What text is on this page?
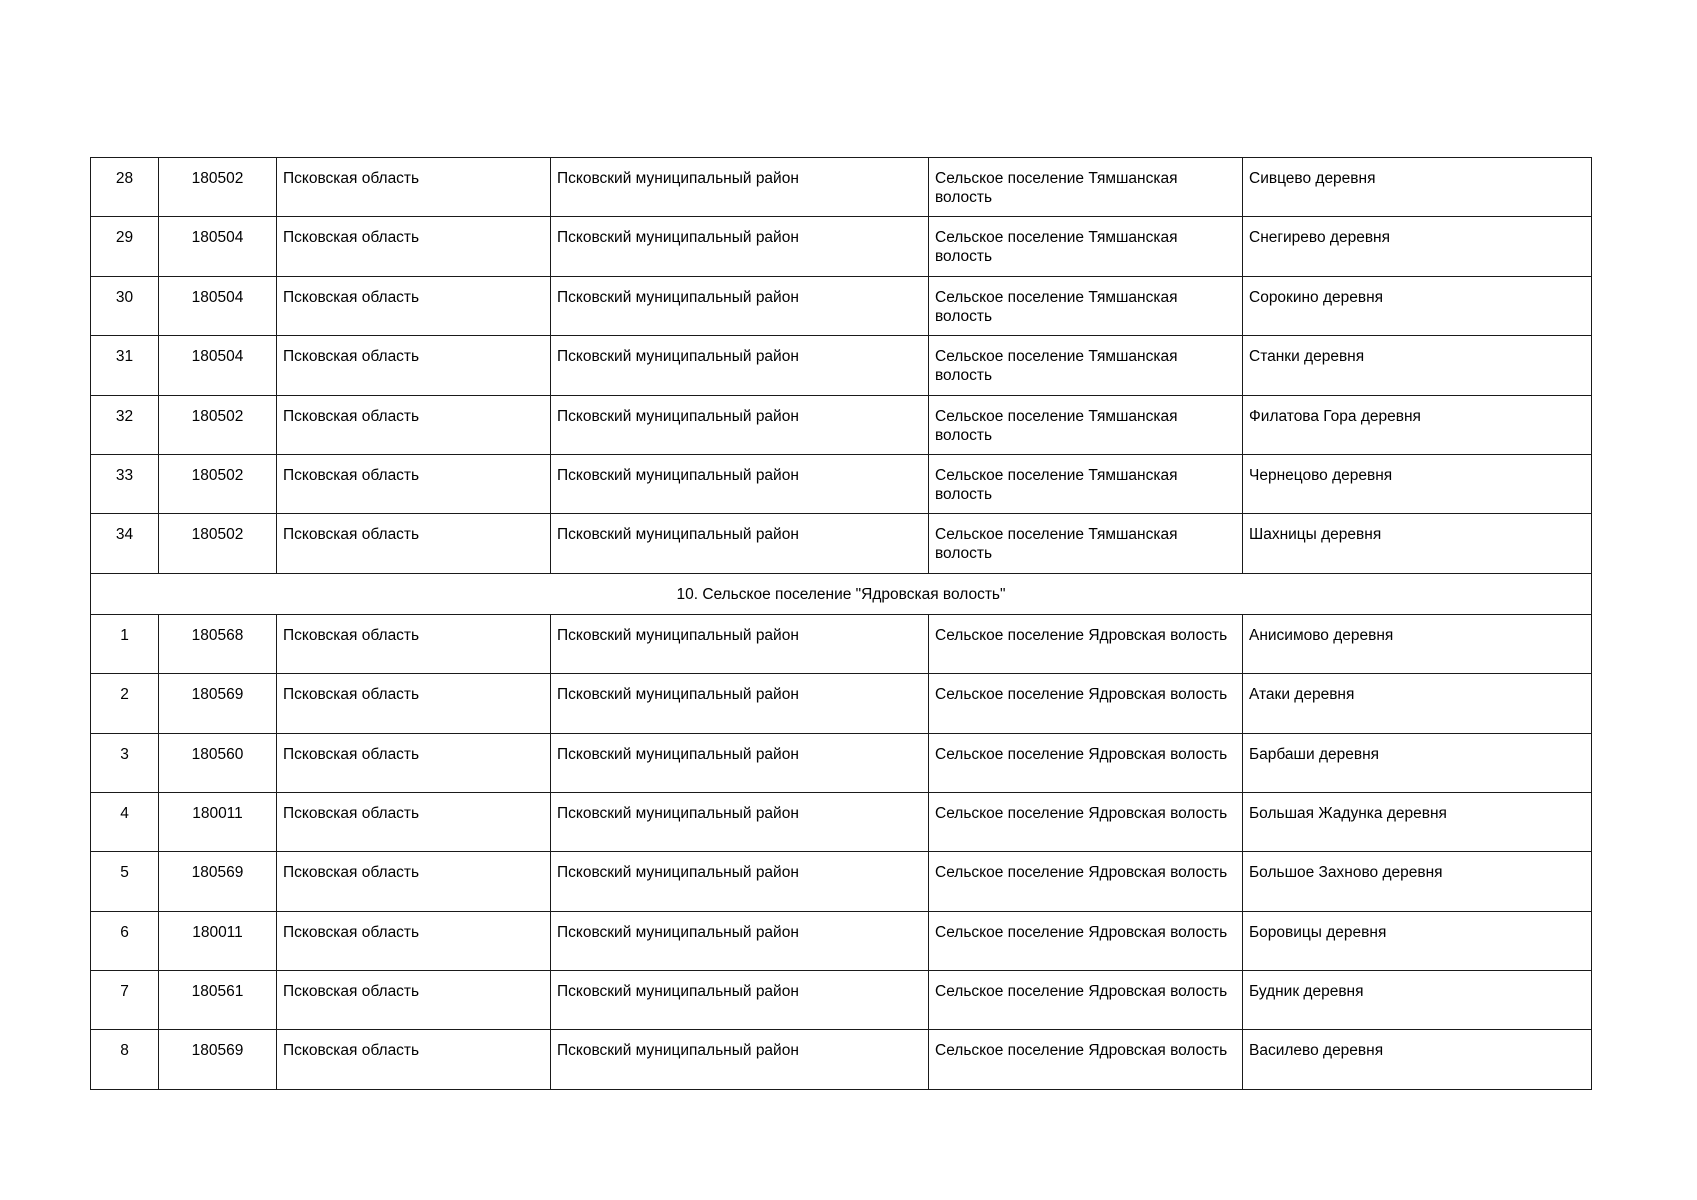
28	180502	Псковская область	Псковский муниципальный район	Сельское поселение Тямшанская волость	Сивцево деревня
29	180504	Псковская область	Псковский муниципальный район	Сельское поселение Тямшанская волость	Снегирево деревня
30	180504	Псковская область	Псковский муниципальный район	Сельское поселение Тямшанская волость	Сорокино деревня
31	180504	Псковская область	Псковский муниципальный район	Сельское поселение Тямшанская волость	Станки деревня
32	180502	Псковская область	Псковский муниципальный район	Сельское поселение Тямшанская волость	Филатова Гора деревня
33	180502	Псковская область	Псковский муниципальный район	Сельское поселение Тямшанская волость	Чернецово деревня
34	180502	Псковская область	Псковский муниципальный район	Сельское поселение Тямшанская волость	Шахницы деревня
10. Сельское поселение "Ядровская волость"					
1	180568	Псковская область	Псковский муниципальный район	Сельское поселение Ядровская волость	Анисимово деревня
2	180569	Псковская область	Псковский муниципальный район	Сельское поселение Ядровская волость	Атаки деревня
3	180560	Псковская область	Псковский муниципальный район	Сельское поселение Ядровская волость	Барбаши деревня
4	180011	Псковская область	Псковский муниципальный район	Сельское поселение Ядровская волость	Большая Жадунка деревня
5	180569	Псковская область	Псковский муниципальный район	Сельское поселение Ядровская волость	Большое Захново деревня
6	180011	Псковская область	Псковский муниципальный район	Сельское поселение Ядровская волость	Боровицы деревня
7	180561	Псковская область	Псковский муниципальный район	Сельское поселение Ядровская волость	Будник деревня
8	180569	Псковская область	Псковский муниципальный район	Сельское поселение Ядровская волость	Василево деревня
